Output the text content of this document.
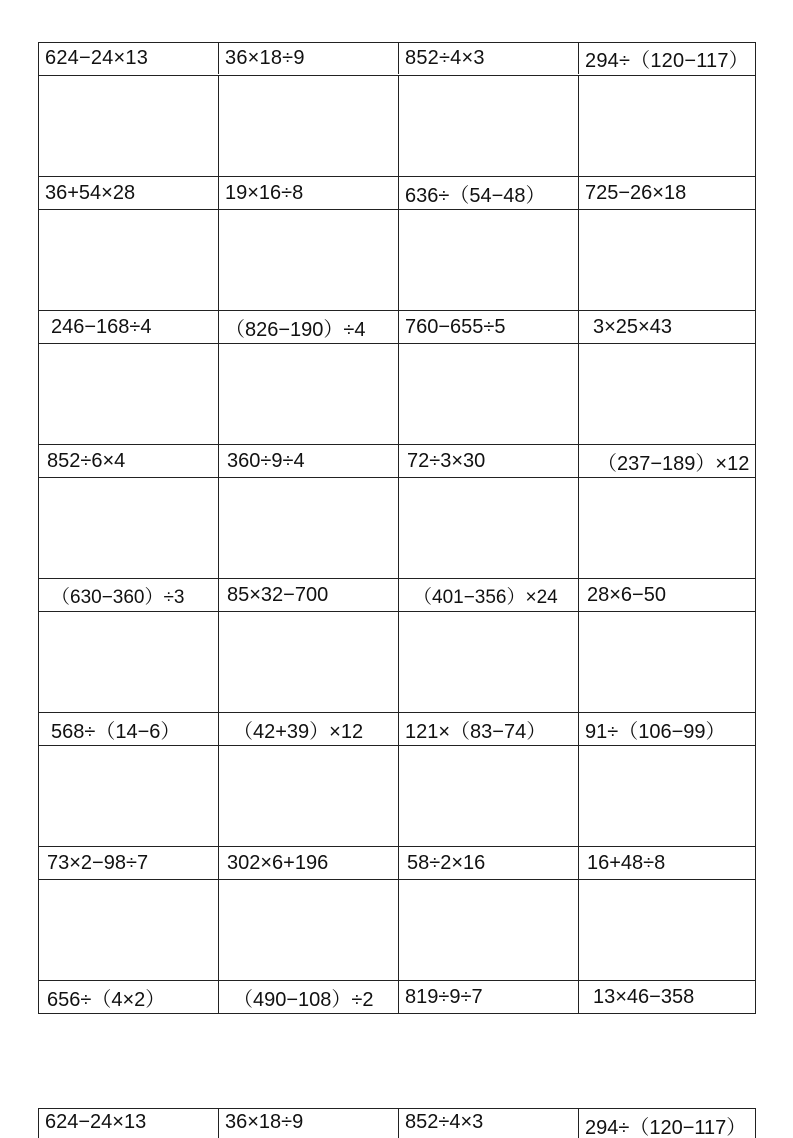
624−24×13	36×18÷9	852÷4×3	294÷（120−117）
36+54×28	19×16÷8	636÷（54−48）	725−26×18
246−168÷4	（826−190）÷4	760−655÷5	3×25×43
852÷6×4	360÷9÷4	72÷3×30	（237−189）×12
（630−360）÷3	85×32−700	（401−356）×24	28×6−50
568÷（14−6）	（42+39）×12	121×（83−74）	91÷（106−99）
73×2−98÷7	302×6+196	58÷2×16	16+48÷8
656÷（4×2）	（490−108）÷2	819÷9÷7	13×46−358
624−24×13	36×18÷9	852÷4×3	294÷（120−117）
